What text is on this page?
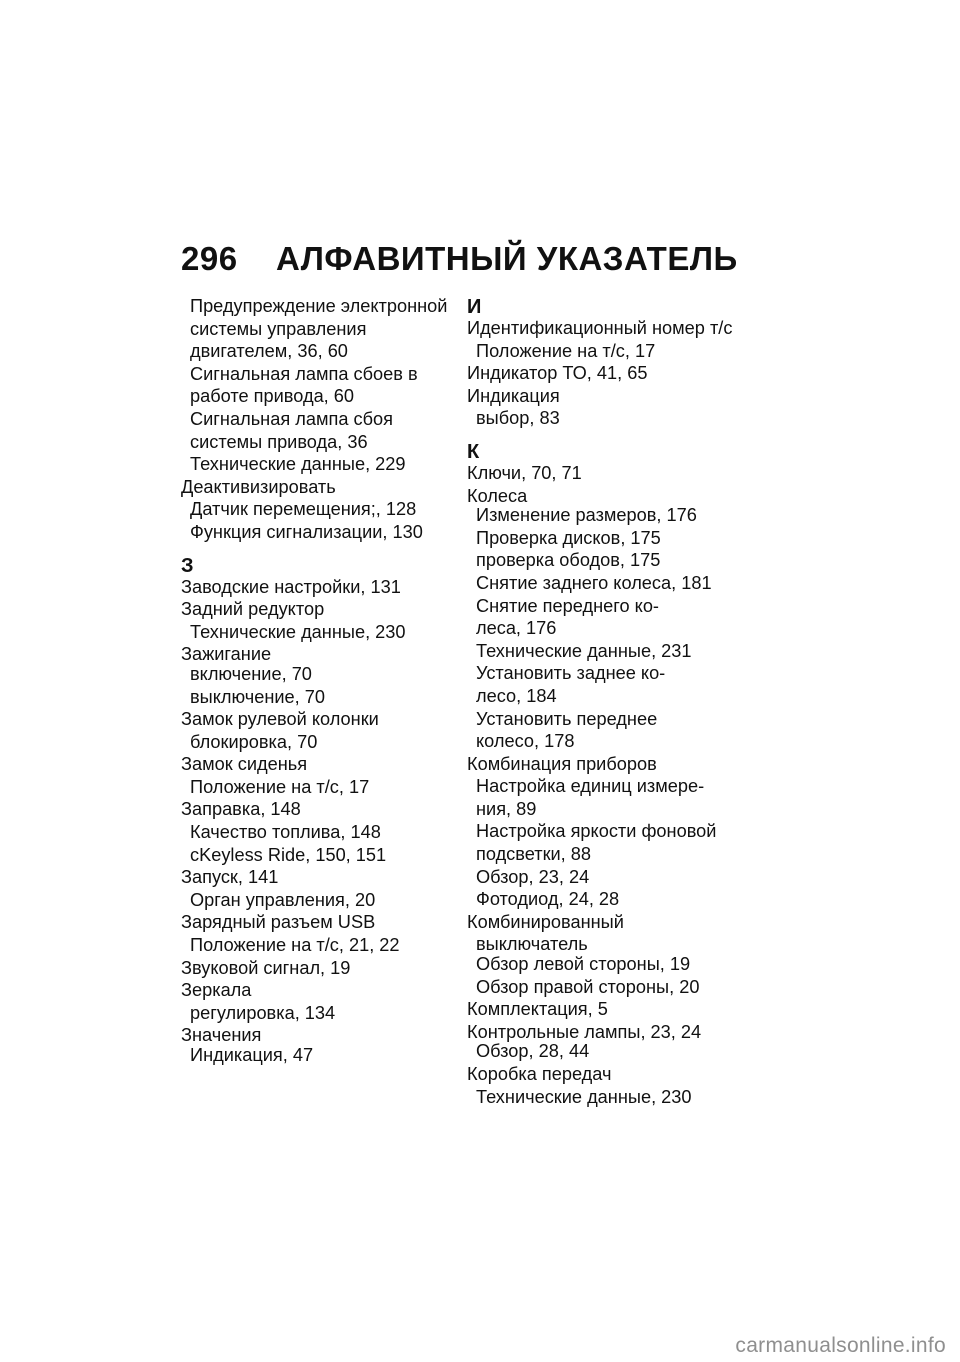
296 АЛФАВИТНЫЙ УКАЗАТЕЛЬ
Предупреждение электронной
системы управления
двигателем, 36, 60
Сигнальная лампа сбоев в
работе привода, 60
Сигнальная лампа сбоя
системы привода, 36
Технические данные, 229
Деактивизировать
Датчик перемещения;, 128
Функция сигнализации, 130
З
Заводские настройки, 131
Задний редуктор
Технические данные, 230
Зажигание
включение, 70
выключение, 70
Замок рулевой колонки
блокировка, 70
Замок сиденья
Положение на т/с, 17
Заправка, 148
Качество топлива, 148
cKeyless Ride, 150, 151
Запуск, 141
Орган управления, 20
Зарядный разъем USB
Положение на т/с, 21, 22
Звуковой сигнал, 19
Зеркала
регулировка, 134
Значения
Индикация, 47
И
Идентификационный номер т/с
Положение на т/с, 17
Индикатор ТО, 41, 65
Индикация
выбор, 83
К
Ключи, 70, 71
Колеса
Изменение размеров, 176
Проверка дисков, 175
проверка ободов, 175
Снятие заднего колеса, 181
Снятие переднего ко-
леса, 176
Технические данные, 231
Установить заднее ко-
лесо, 184
Установить переднее
колесо, 178
Комбинация приборов
Настройка единиц измере-
ния, 89
Настройка яркости фоновой
подсветки, 88
Обзор, 23, 24
Фотодиод, 24, 28
Комбинированный
выключатель
Обзор левой стороны, 19
Обзор правой стороны, 20
Комплектация, 5
Контрольные лампы, 23, 24
Обзор, 28, 44
Коробка передач
Технические данные, 230
carmanualsonline.info
